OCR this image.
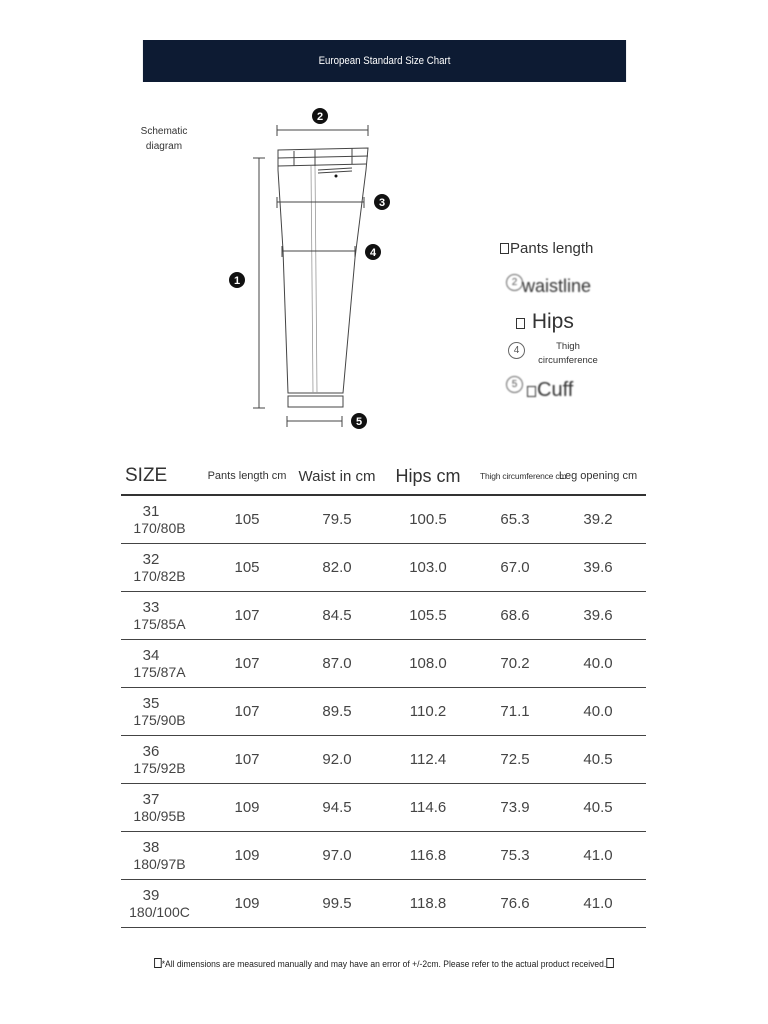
European Standard Size Chart
Schematic
diagram
2
3
4
1
5
Pants length
2 waistline
Hips
4	Thigh
circumference
5 Cuff
SIZE	Pants length cm	Waist in cm	Hips cm	Thigh circumference cm	Leg opening cm

31
170/80B	105	79.5	100.5	65.3	39.2

32
170/82B	105	82.0	103.0	67.0	39.6

33
175/85A	107	84.5	105.5	68.6	39.6

34
175/87A	107	87.0	108.0	70.2	40.0

35
175/90B	107	89.5	110.2	71.1	40.0

36
175/92B	107	92.0	112.4	72.5	40.5

37
180/95B	109	94.5	114.6	73.9	40.5

38
180/97B	109	97.0	116.8	75.3	41.0

39
180/100C	109	99.5	118.8	76.6	41.0
*All dimensions are measured manually and may have an error of +/-2cm. Please refer to the actual product received.
